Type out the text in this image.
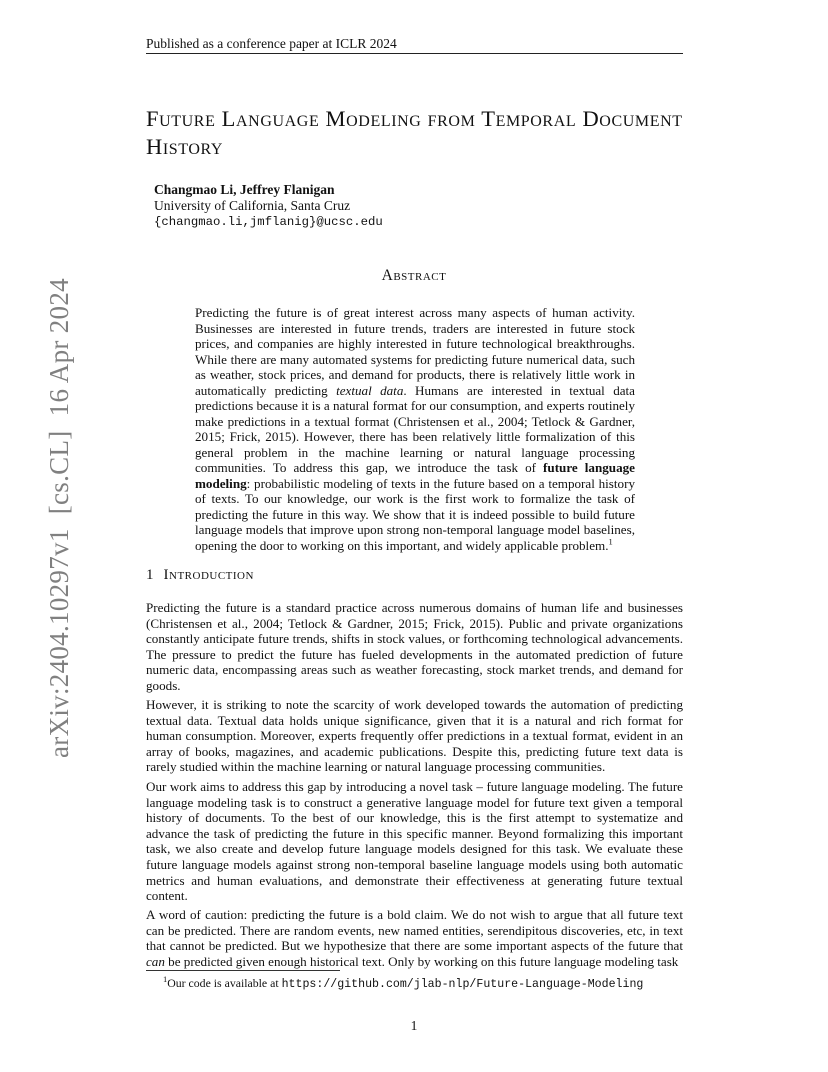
Published as a conference paper at ICLR 2024
arXiv:2404.10297v1  [cs.CL]  16 Apr 2024
Future Language Modeling from Temporal Document History
Changmao Li, Jeffrey Flanigan
University of California, Santa Cruz
{changmao.li,jmflanig}@ucsc.edu
Abstract
Predicting the future is of great interest across many aspects of human activity. Businesses are interested in future trends, traders are interested in future stock prices, and companies are highly interested in future technological breakthroughs. While there are many automated systems for predicting future numerical data, such as weather, stock prices, and demand for products, there is relatively little work in automatically predicting textual data. Humans are interested in textual data predictions because it is a natural format for our consumption, and experts routinely make predictions in a textual format (Christensen et al., 2004; Tetlock & Gardner, 2015; Frick, 2015). However, there has been relatively little formalization of this general problem in the machine learning or natural language processing communities. To address this gap, we introduce the task of future language modeling: probabilistic modeling of texts in the future based on a temporal history of texts. To our knowledge, our work is the first work to formalize the task of predicting the future in this way. We show that it is indeed possible to build future language models that improve upon strong non-temporal language model baselines, opening the door to working on this important, and widely applicable problem.$^1$
1 Introduction
Predicting the future is a standard practice across numerous domains of human life and businesses (Christensen et al., 2004; Tetlock & Gardner, 2015; Frick, 2015). Public and private organizations constantly anticipate future trends, shifts in stock values, or forthcoming technological advancements. The pressure to predict the future has fueled developments in the automated prediction of future numeric data, encompassing areas such as weather forecasting, stock market trends, and demand for goods.
However, it is striking to note the scarcity of work developed towards the automation of predicting textual data. Textual data holds unique significance, given that it is a natural and rich format for human consumption. Moreover, experts frequently offer predictions in a textual format, evident in an array of books, magazines, and academic publications. Despite this, predicting future text data is rarely studied within the machine learning or natural language processing communities.
Our work aims to address this gap by introducing a novel task – future language modeling. The future language modeling task is to construct a generative language model for future text given a temporal history of documents. To the best of our knowledge, this is the first attempt to systematize and advance the task of predicting the future in this specific manner. Beyond formalizing this important task, we also create and develop future language models designed for this task. We evaluate these future language models against strong non-temporal baseline language models using both automatic metrics and human evaluations, and demonstrate their effectiveness at generating future textual content.
A word of caution: predicting the future is a bold claim. We do not wish to argue that all future text can be predicted. There are random events, new named entities, serendipitous discoveries, etc, in text that cannot be predicted. But we hypothesize that there are some important aspects of the future that can be predicted given enough historical text. Only by working on this future language modeling task
$^1$Our code is available at https://github.com/jlab-nlp/Future-Language-Modeling
1
